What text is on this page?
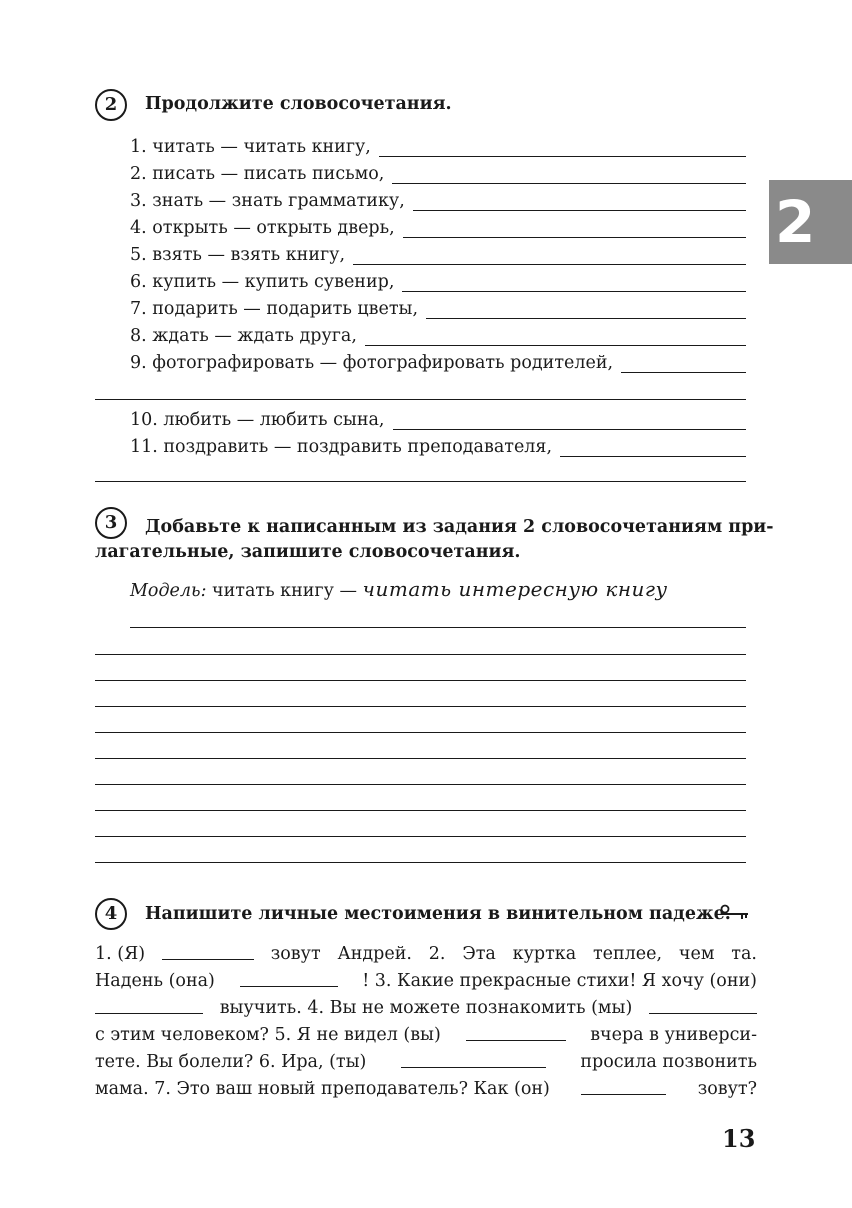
2
2	Продолжите словосочетания.
1. читать — читать книгу,
2. писать — писать письмо,
3. знать — знать грамматику,
4. открыть — открыть дверь,
5. взять — взять книгу,
6. купить — купить сувенир,
7. подарить — подарить цветы,
8. ждать — ждать друга,
9. фотографировать — фотографировать родителей,
10. любить — любить сына,
11. поздравить — поздравить преподавателя,
3	Добавьте к написанным из задания 2 словосочетаниям при-
лагательные, запишите словосочетания.
Модель: читать книгу — читать интересную книгу
4	Напишите личные местоимения в винительном падеже.
1. (Я)	зовут Андрей. 2. Эта куртка теплее, чем та.
Надень (она)	! 3. Какие прекрасные стихи! Я хочу (они)
выучить. 4. Вы не можете познакомить (мы)
с этим человеком? 5. Я не видел (вы)	вчера в универси-
тете. Вы болели? 6. Ира, (ты)	просила позвонить
мама. 7. Это ваш новый преподаватель? Как (он)	зовут?
13
